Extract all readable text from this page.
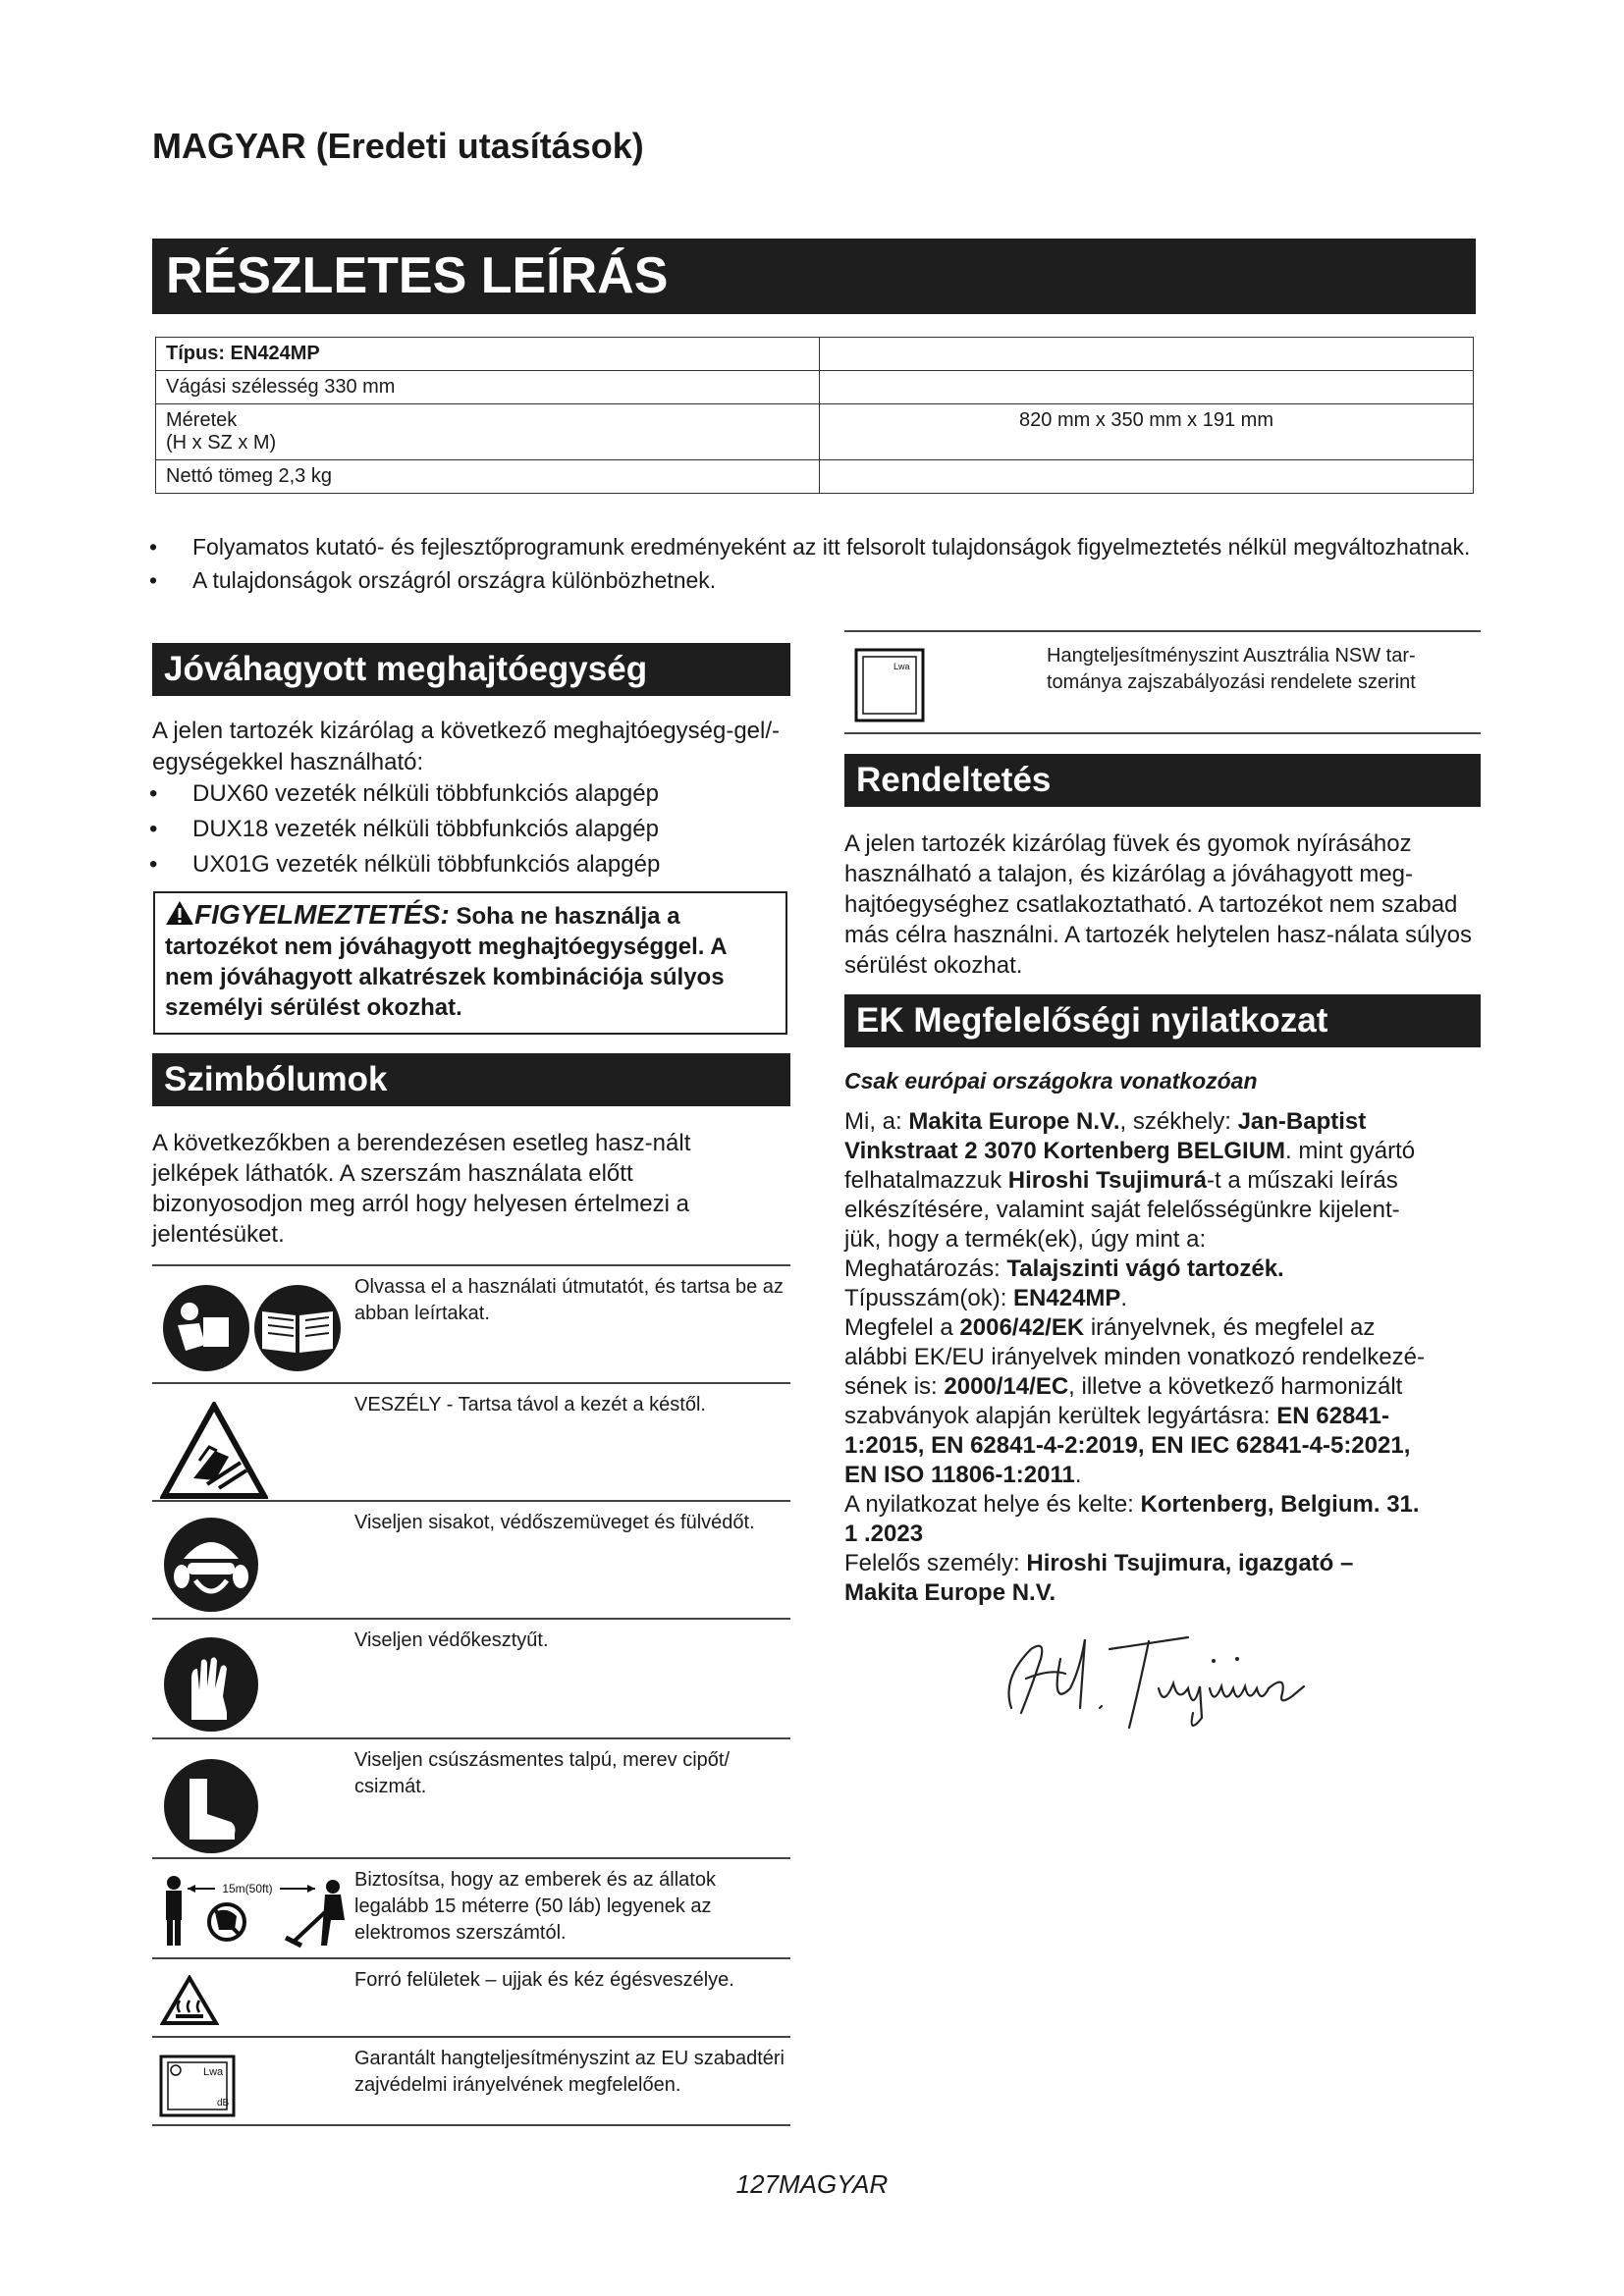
MAGYAR (Eredeti utasítások)
RÉSZLETES LEÍRÁS
Típus: EN424MP	
Vágási szélesség 330 mm	

Méretek
(H x SZ x M)	820 mm x 350 mm x 191 mm
Nettó tömeg 2,3 kg	
• Folyamatos kutató- és fejlesztőprogramunk eredményeként az itt felsorolt tulajdonságok figyelmeztetés nélkül megváltozhatnak.
• A tulajdonságok országról országra különbözhetnek.
Jóváhagyott meghajtóegység

A jelen tartozék kizárólag a következő meghajtóegység-gel/-egységekkel használható:

• DUX60 vezeték nélküli többfunkciós alapgép
• DUX18 vezeték nélküli többfunkciós alapgép
• UX01G vezeték nélküli többfunkciós alapgép
FIGYELMEZTETÉS: Soha ne használja a tartozékot nem jóváhagyott meghajtóegységgel. A nem jóváhagyott alkatrészek kombinációja súlyos személyi sérülést okozhat.
Szimbólumok

A következőkben a berendezésen esetleg hasz-nált jelképek láthatók. A szerszám használata előtt bizonyosodjon meg arról hogy helyesen értelmezi a jelentésüket.

Olvassa el a használati útmutatót, és tartsa be az abban leírtakat.
VESZÉLY - Tartsa távol a kezét a késtől.
Viseljen sisakot, védőszemüveget és fülvédőt.
Viseljen védőkesztyűt.
Viseljen csúszásmentes talpú, merev cipőt/ csizmát.
15m(50ft)	Biztosítsa, hogy az emberek és az állatok legalább 15 méterre (50 láb) legyenek az elektromos szerszámtól.
Forró felületek – ujjak és kéz égésveszélye.
Lwa
dB
Garantált hangteljesítményszint az EU szabadtéri zajvédelmi irányelvének megfelelően.
Lwa	Hangteljesítményszint Ausztrália NSW tar-tománya zajszabályozási rendelete szerint
Rendeltetés

A jelen tartozék kizárólag füvek és gyomok nyírásához használható a talajon, és kizárólag a jóváhagyott meg-hajtóegységhez csatlakoztatható. A tartozékot nem szabad más célra használni. A tartozék helytelen hasz-nálata súlyos sérülést okozhat.

EK Megfelelőségi nyilatkozat
Csak európai országokra vonatkozóan
Mi, a: Makita Europe N.V., székhely: Jan-Baptist
Vinkstraat 2 3070 Kortenberg BELGIUM. mint gyártó
felhatalmazzuk Hiroshi Tsujimurá-t a műszaki leírás
elkészítésére, valamint saját felelősségünkre kijelent-
jük, hogy a termék(ek), úgy mint a:
Meghatározás: Talajszinti vágó tartozék.
Típusszám(ok): EN424MP.
Megfelel a 2006/42/EK irányelvnek, és megfelel az
alábbi EK/EU irányelvek minden vonatkozó rendelkezé-
sének is: 2000/14/EC, illetve a következő harmonizált
szabványok alapján kerültek legyártásra: EN 62841-
1:2015, EN 62841-4-2:2019, EN IEC 62841-4-5:2021,
EN ISO 11806-1:2011.
A nyilatkozat helye és kelte: Kortenberg, Belgium. 31.
1 .2023
Felelős személy: Hiroshi Tsujimura, igazgató –
Makita Europe N.V.
127MAGYAR
